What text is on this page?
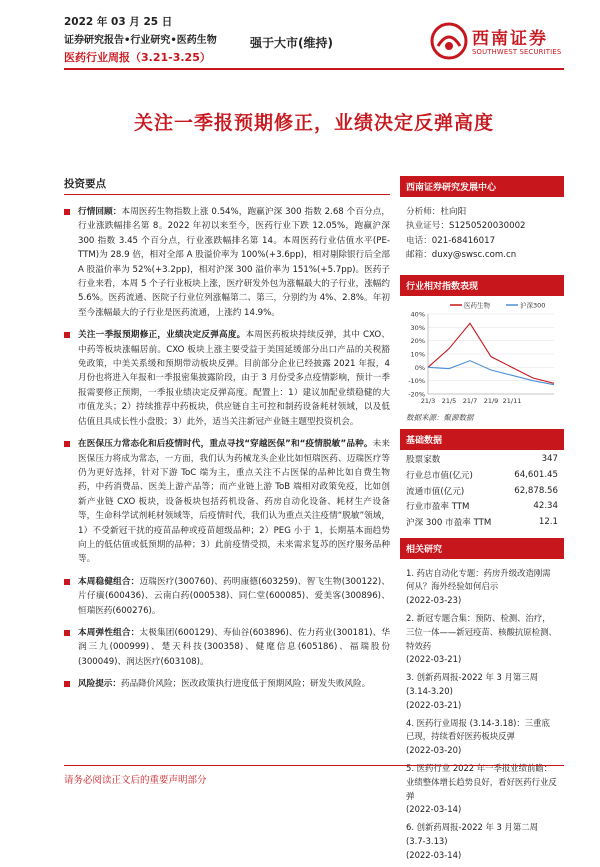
2022 年 03 月 25 日
证券研究报告•行业研究•医药生物
医药行业周报（3.21-3.25）
强于大市(维持)	西南证券
SOUTHWEST SECURITIES
关注一季报预期修正，业绩决定反弹高度
投资要点
行情回顾：本周医药生物指数上涨 0.54%，跑赢沪深 300 指数 2.68 个百分点，行业涨跌幅排名第 8。2022 年初以来至今，医药行业下跌 12.05%，跑赢沪深 300 指数 3.45 个百分点，行业涨跌幅排名第 14。本周医药行业估值水平(PE-TTM)为 28.9 倍，相对全部 A 股溢价率为 100%(+3.6pp)，相对剔除银行后全部 A 股溢价率为 52%(+3.2pp)，相对沪深 300 溢价率为 151%(+5.7pp)。医药子行业来看，本周 5 个子行业板块上涨，医疗研发外包为涨幅最大的子行业，涨幅约 5.6%。医药流通、医院子行业位列涨幅第二、第三，分别约为 4%、2.8%。年初至今涨幅最大的子行业是医药流通，上涨约 14.9%。
关注一季报预期修正，业绩决定反弹高度。本周医药板块持续反弹，其中 CXO、中药等板块涨幅居前。CXO 板块上涨主要受益于美国延缓部分出口产品的关税豁免政策，中美关系缓和预期带动板块反弹。目前部分企业已经披露 2021 年报，4 月份也将进入年报和一季报密集披露阶段，由于 3 月份受多点疫情影响，预计一季报需要修正预期，一季报业绩决定反弹高度。配置上：1）建议加配业绩稳健的大市值龙头；2）持续推荐中药板块，供应链自主可控和制药设备耗材领域，以及低估值且具成长性小盘股；3）此外，适当关注新冠产业链主题型投资机会。
在医保压力常态化和后疫情时代，重点寻找“穿越医保”和“疫情脱敏”品种。未来医保压力将成为常态，一方面，我们认为药械龙头企业比如恒瑞医药、迈瑞医疗等仍为更好选择，针对下游 ToC 端为主，重点关注不占医保的品种比如自费生物药，中药消费品、医美上游产品等；而产业链上游 ToB 端相对政策免疫，比如创新产业链 CXO 板块，设备板块包括药机设备、药房自动化设备、耗材生产设备等，生命科学试剂耗材领域等，后疫情时代，我们认为重点关注疫情“脱敏”领域，1）不受新冠干扰的疫苗品种或疫苗超级品种；2）PEG 小于 1，长期基本面趋势向上的低估值或低预期的品种；3）此前疫情受损，未来需求复苏的医疗服务品种等。
本周稳健组合：迈瑞医疗(300760)、药明康德(603259)、智飞生物(300122)、片仔癀(600436)、云南白药(000538)、同仁堂(600085)、爱美客(300896)、恒瑞医药(600276)。
本周弹性组合：太极集团(600129)、寿仙谷(603896)、佐力药业(300181)、华润三九(000999)、楚天科技(300358)、健麾信息(605186)、福瑞股份(300049)、润达医疗(603108)。
风险提示：药品降价风险；医改政策执行进度低于预期风险；研发失败风险。
西南证券研究发展中心
分析师：杜向阳
执业证号：S1250520030002
电话：021-68416017
邮箱：duxy@swsc.com.cn
行业相对指数表现
40%
30%
20%
10%
0%
-10%
-20%
21/3 21/5 21/7 21/9 21/11
医药生物	沪深300
数据来源：聚源数据
基础数据
股票家数	347
行业总市值(亿元)	64,601.45
流通市值(亿元)	62,878.56
行业市盈率 TTM	42.34
沪深 300 市盈率 TTM	12.1
相关研究
1. 药店自动化专题：药房升级改造刚需何从？海外经验如何启示
(2022-03-23)
2. 新冠专题合集：预防、检测、治疗，三位一体——新冠疫苗、核酸抗原检测、特效药
(2022-03-21)
3. 创新药周报-2022 年 3 月第三周 (3.14-3.20)
(2022-03-21)
4. 医药行业周报 (3.14-3.18)：三重底已现，持续看好医药板块反弹
(2022-03-20)
5. 医药行业 2022 年一季报业绩前瞻：业绩整体增长趋势良好，看好医药行业反弹
(2022-03-14)
6. 创新药周报-2022 年 3 月第二周 (3.7-3.13)
(2022-03-14)
请务必阅读正文后的重要声明部分
